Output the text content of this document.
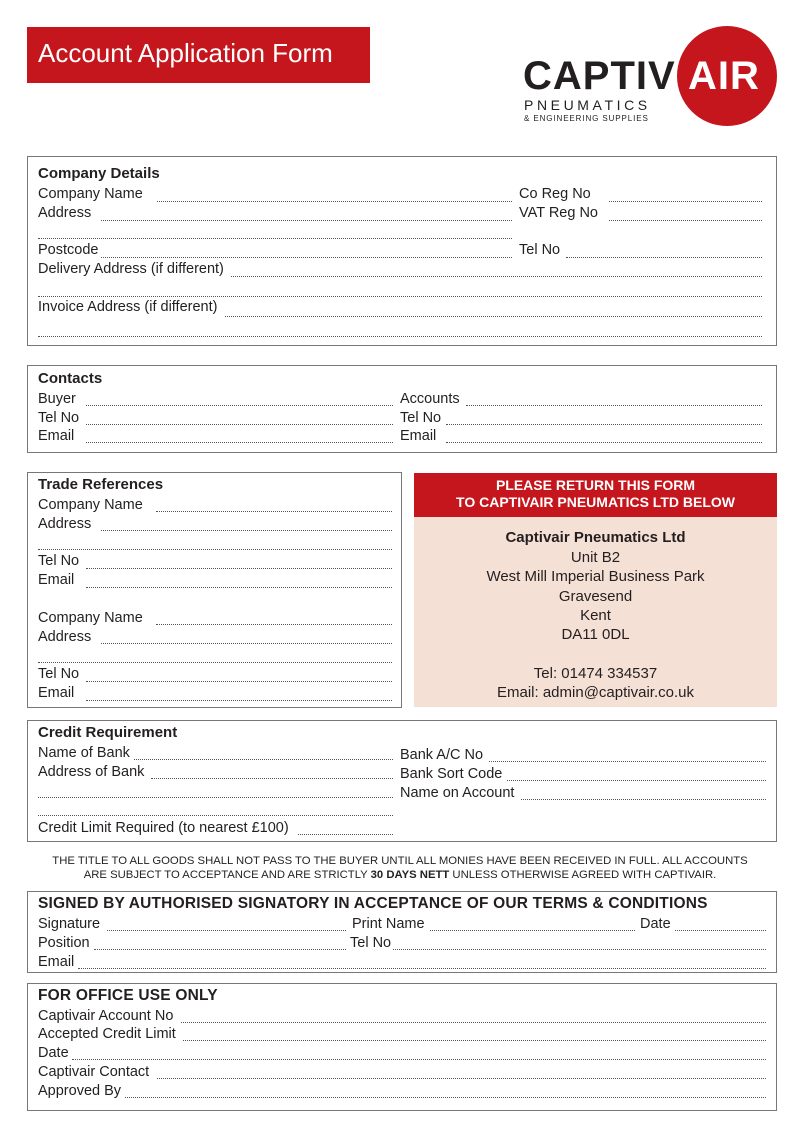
Account Application Form
CAPTIV AIR
PNEUMATICS
& ENGINEERING SUPPLIES
Company Details
Company Name	Co Reg No
Address	VAT Reg No
Postcode	Tel No
Delivery Address (if different)
Invoice Address (if different)
Contacts
Buyer	Accounts
Tel No	Tel No
Email	Email
Trade References
Company Name
Address
Tel No
Email
Company Name
Address
Tel No
Email
PLEASE RETURN THIS FORM
TO CAPTIVAIR PNEUMATICS LTD BELOW
Captivair Pneumatics Ltd
Unit B2
West Mill Imperial Business Park
Gravesend
Kent
DA11 0DL
Tel: 01474 334537
Email: admin@captivair.co.uk
Credit Requirement
Name of Bank	Bank A/C No
Address of Bank	Bank Sort Code
Name on Account
Credit Limit Required (to nearest £100)
THE TITLE TO ALL GOODS SHALL NOT PASS TO THE BUYER UNTIL ALL MONIES HAVE BEEN RECEIVED IN FULL. ALL ACCOUNTS
ARE SUBJECT TO ACCEPTANCE AND ARE STRICTLY 30 DAYS NETT UNLESS OTHERWISE AGREED WITH CAPTIVAIR.
SIGNED BY AUTHORISED SIGNATORY IN ACCEPTANCE OF OUR TERMS & CONDITIONS
Signature	Print Name	Date
Position	Tel No
Email
FOR OFFICE USE ONLY
Captivair Account No
Accepted Credit Limit
Date
Captivair Contact
Approved By
